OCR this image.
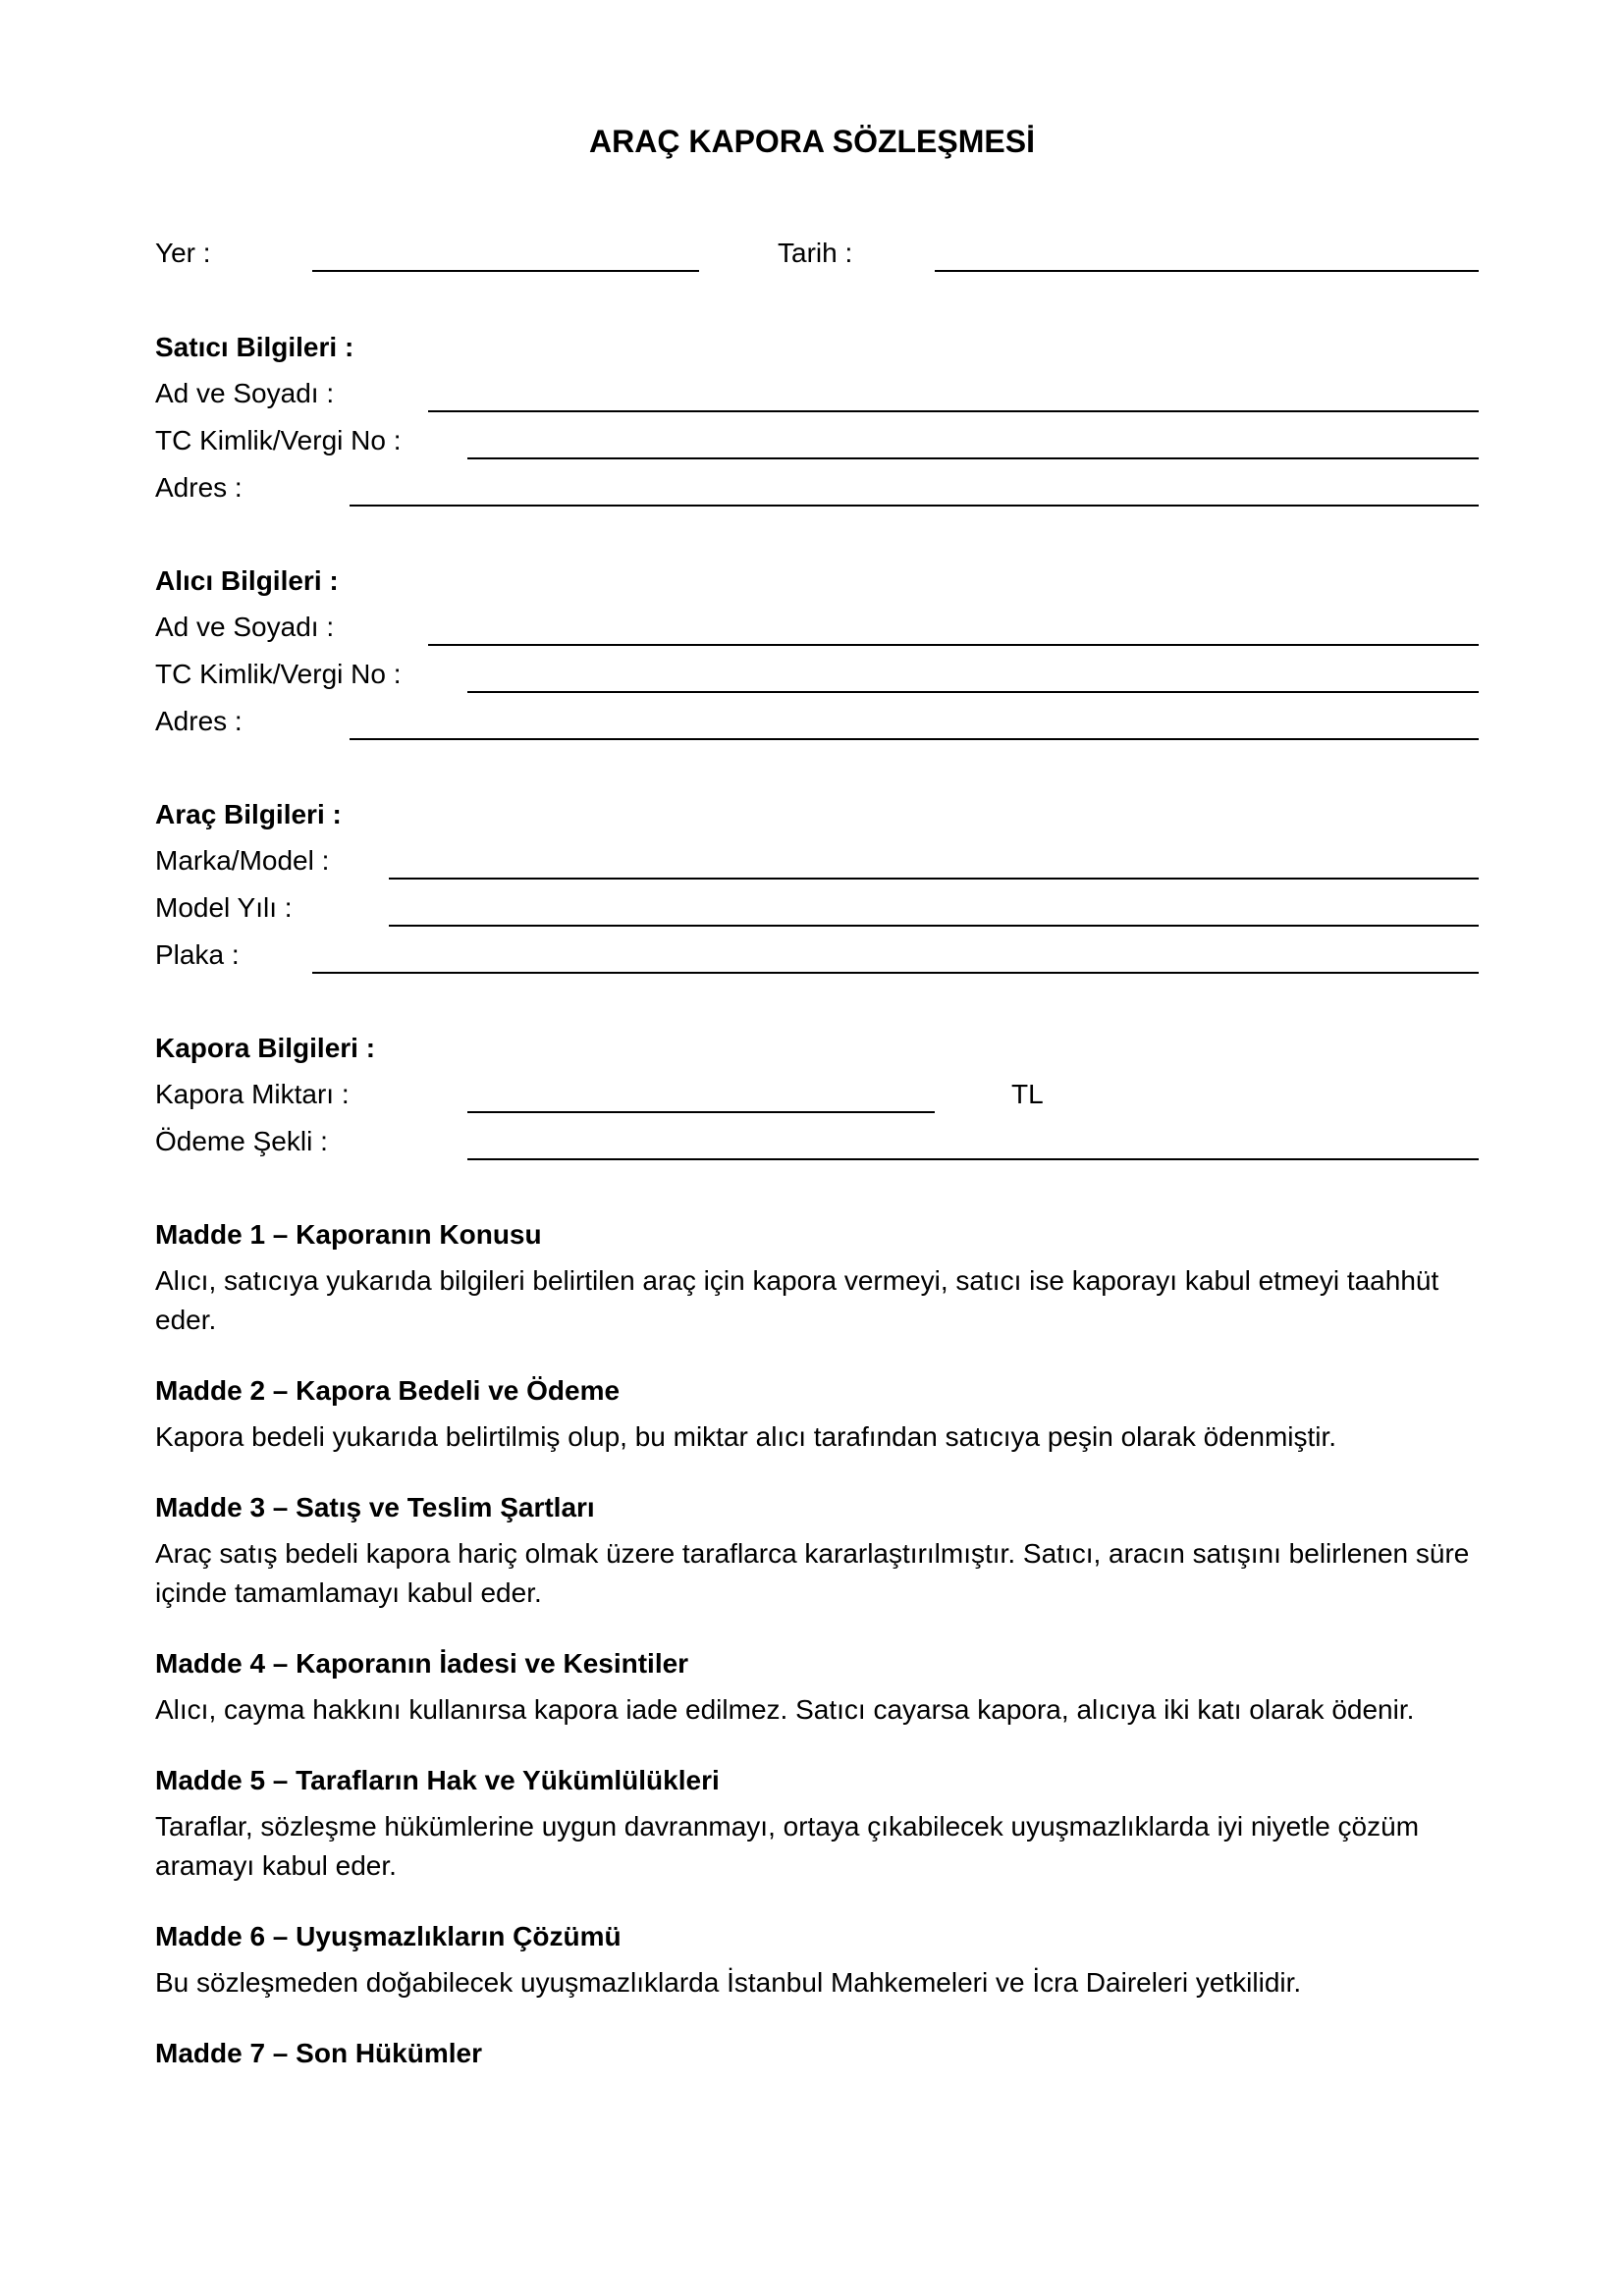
ARAÇ KAPORA SÖZLEŞMESİ
Yer :	Tarih :
Satıcı Bilgileri :
Ad ve Soyadı :
TC Kimlik/Vergi No :
Adres :
Alıcı Bilgileri :
Ad ve Soyadı :
TC Kimlik/Vergi No :
Adres :
Araç Bilgileri :
Marka/Model :
Model Yılı :
Plaka :
Kapora Bilgileri :
Kapora Miktarı :	TL
Ödeme Şekli :
Madde 1 – Kaporanın Konusu
Alıcı, satıcıya yukarıda bilgileri belirtilen araç için kapora vermeyi, satıcı ise kaporayı kabul etmeyi taahhüt eder.
Madde 2 – Kapora Bedeli ve Ödeme
Kapora bedeli yukarıda belirtilmiş olup, bu miktar alıcı tarafından satıcıya peşin olarak ödenmiştir.
Madde 3 – Satış ve Teslim Şartları
Araç satış bedeli kapora hariç olmak üzere taraflarca kararlaştırılmıştır. Satıcı, aracın satışını belirlenen süre içinde tamamlamayı kabul eder.
Madde 4 – Kaporanın İadesi ve Kesintiler
Alıcı, cayma hakkını kullanırsa kapora iade edilmez. Satıcı cayarsa kapora, alıcıya iki katı olarak ödenir.
Madde 5 – Tarafların Hak ve Yükümlülükleri
Taraflar, sözleşme hükümlerine uygun davranmayı, ortaya çıkabilecek uyuşmazlıklarda iyi niyetle çözüm aramayı kabul eder.
Madde 6 – Uyuşmazlıkların Çözümü
Bu sözleşmeden doğabilecek uyuşmazlıklarda İstanbul Mahkemeleri ve İcra Daireleri yetkilidir.
Madde 7 – Son Hükümler
